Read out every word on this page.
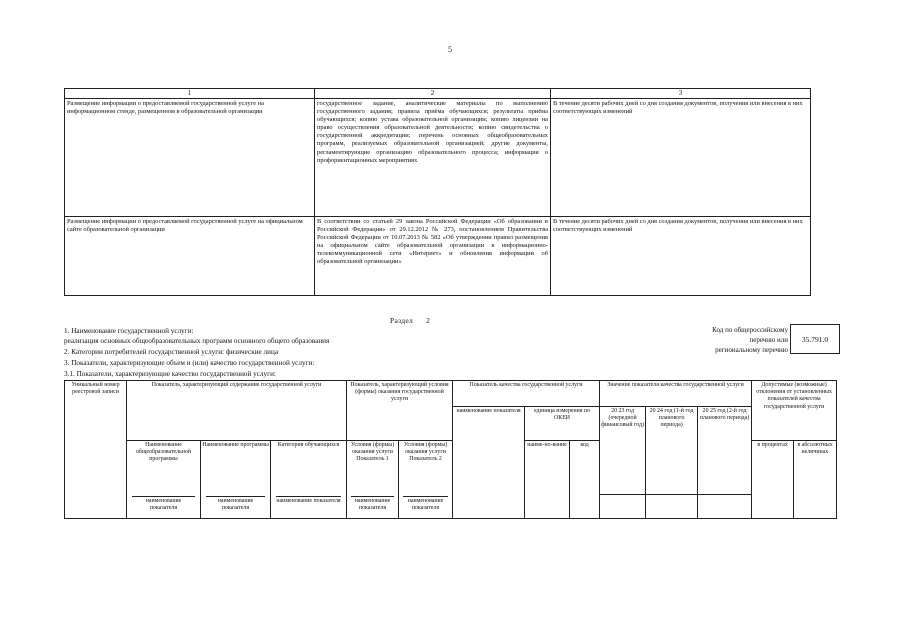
5
1	2	3
Размещение информации о предоставляемой государственной услуге на информационном стенде, размещенном в образовательной организации	государственное задание, аналитические материалы по выполнению государственного задания; правила приёма обучающихся; результаты приёма обучающихся; копию устава образовательной организации; копию лицензии на право осуществления образовательной деятельности; копию свидетельства о государственной аккредитации; перечень основных общеобразовательных программ, реализуемых образовательной организацией; другие документы, регламентирующие организацию образовательного процесса; информация о профориентационных мероприятиях	В течение десяти рабочих дней со дня создания документов, получения или внесения в них соответствующих изменений
Размещение информации о предоставляемой государственной услуге на официальном сайте образовательной организации	В соответствии со статьей 29 закона Российской Федерации «Об образовании в Российской Федерации» от 29.12.2012 № 273, постановлением Правительства Российской Федерации от 10.07.2013 № 582 «Об утверждении правил размещения на официальном сайте образовательной организации в информационно-телекоммуникационной сети «Интернет» и обновления информации об образовательной организации»	В течение десяти рабочих дней со дня создания документов, получения или внесения в них соответствующих изменений
Раздел 2
1. Наименование государственной услуги:
реализация основных общеобразовательных программ основного общего образования
2. Категории потребителей государственной услуги: физические лица
3. Показатели, характеризующие объем и (или) качество государственной услуги:
3.1. Показатели, характеризующие качество государственной услуги:
Код по общероссийскому
перечню или
региональному перечню
35.791.0
Уникальный номер реестровой записи	Показатель, характеризующий содержание государственной услуги			Показатель, характеризующий условия (формы) оказания государственной услуги		Показатель качества государственной услуги			Значение показателя качества государственной услуги			Допустимые (возможные) отклонения от установленных показателей качества государственной услуги	
						наименование показателя	единица измерения по ОКЕИ		20 23 год (очередной финансовый год)	20 24 год (1-й год планового периода)	20 25 год (2-й год планового периода)		
	Наименование общеобразовательной программы	Наименование программы	Категория обучающихся	Условия (формы) оказания услуги Показатель 1	Условия (формы) оказания услуги Показатель 2		наиме-но-вание	код				в процентах	в абсолютных величинах
	наименование показателя	наименование показателя	наименование показателя	наименование показателя	наименование показателя								
